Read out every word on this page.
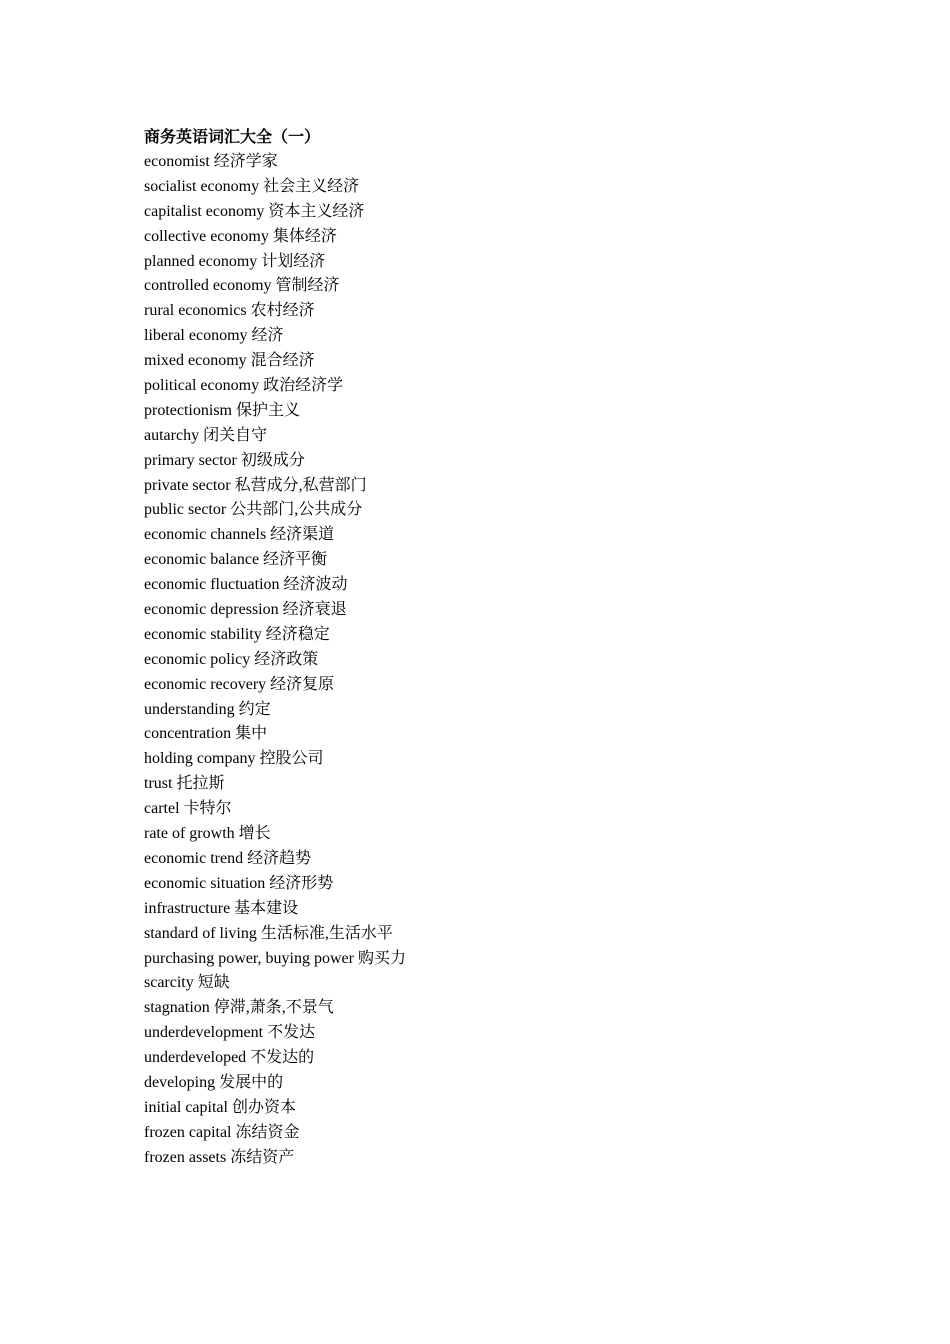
商务英语词汇大全（一）
economist 经济学家
socialist economy 社会主义经济
capitalist economy 资本主义经济
collective economy 集体经济
planned economy 计划经济
controlled economy 管制经济
rural economics 农村经济
liberal economy 经济
mixed economy 混合经济
political economy 政治经济学
protectionism 保护主义
autarchy 闭关自守
primary sector 初级成分
private sector 私营成分,私营部门
public sector 公共部门,公共成分
economic channels 经济渠道
economic balance 经济平衡
economic fluctuation 经济波动
economic depression 经济衰退
economic stability 经济稳定
economic policy 经济政策
economic recovery 经济复原
understanding 约定
concentration 集中
holding company 控股公司
trust 托拉斯
cartel 卡特尔
rate of growth 增长
economic trend 经济趋势
economic situation 经济形势
infrastructure 基本建设
standard of living 生活标准,生活水平
purchasing power, buying power 购买力
scarcity 短缺
stagnation 停滞,萧条,不景气
underdevelopment 不发达
underdeveloped 不发达的
developing 发展中的
initial capital 创办资本
frozen capital 冻结资金
frozen assets 冻结资产
